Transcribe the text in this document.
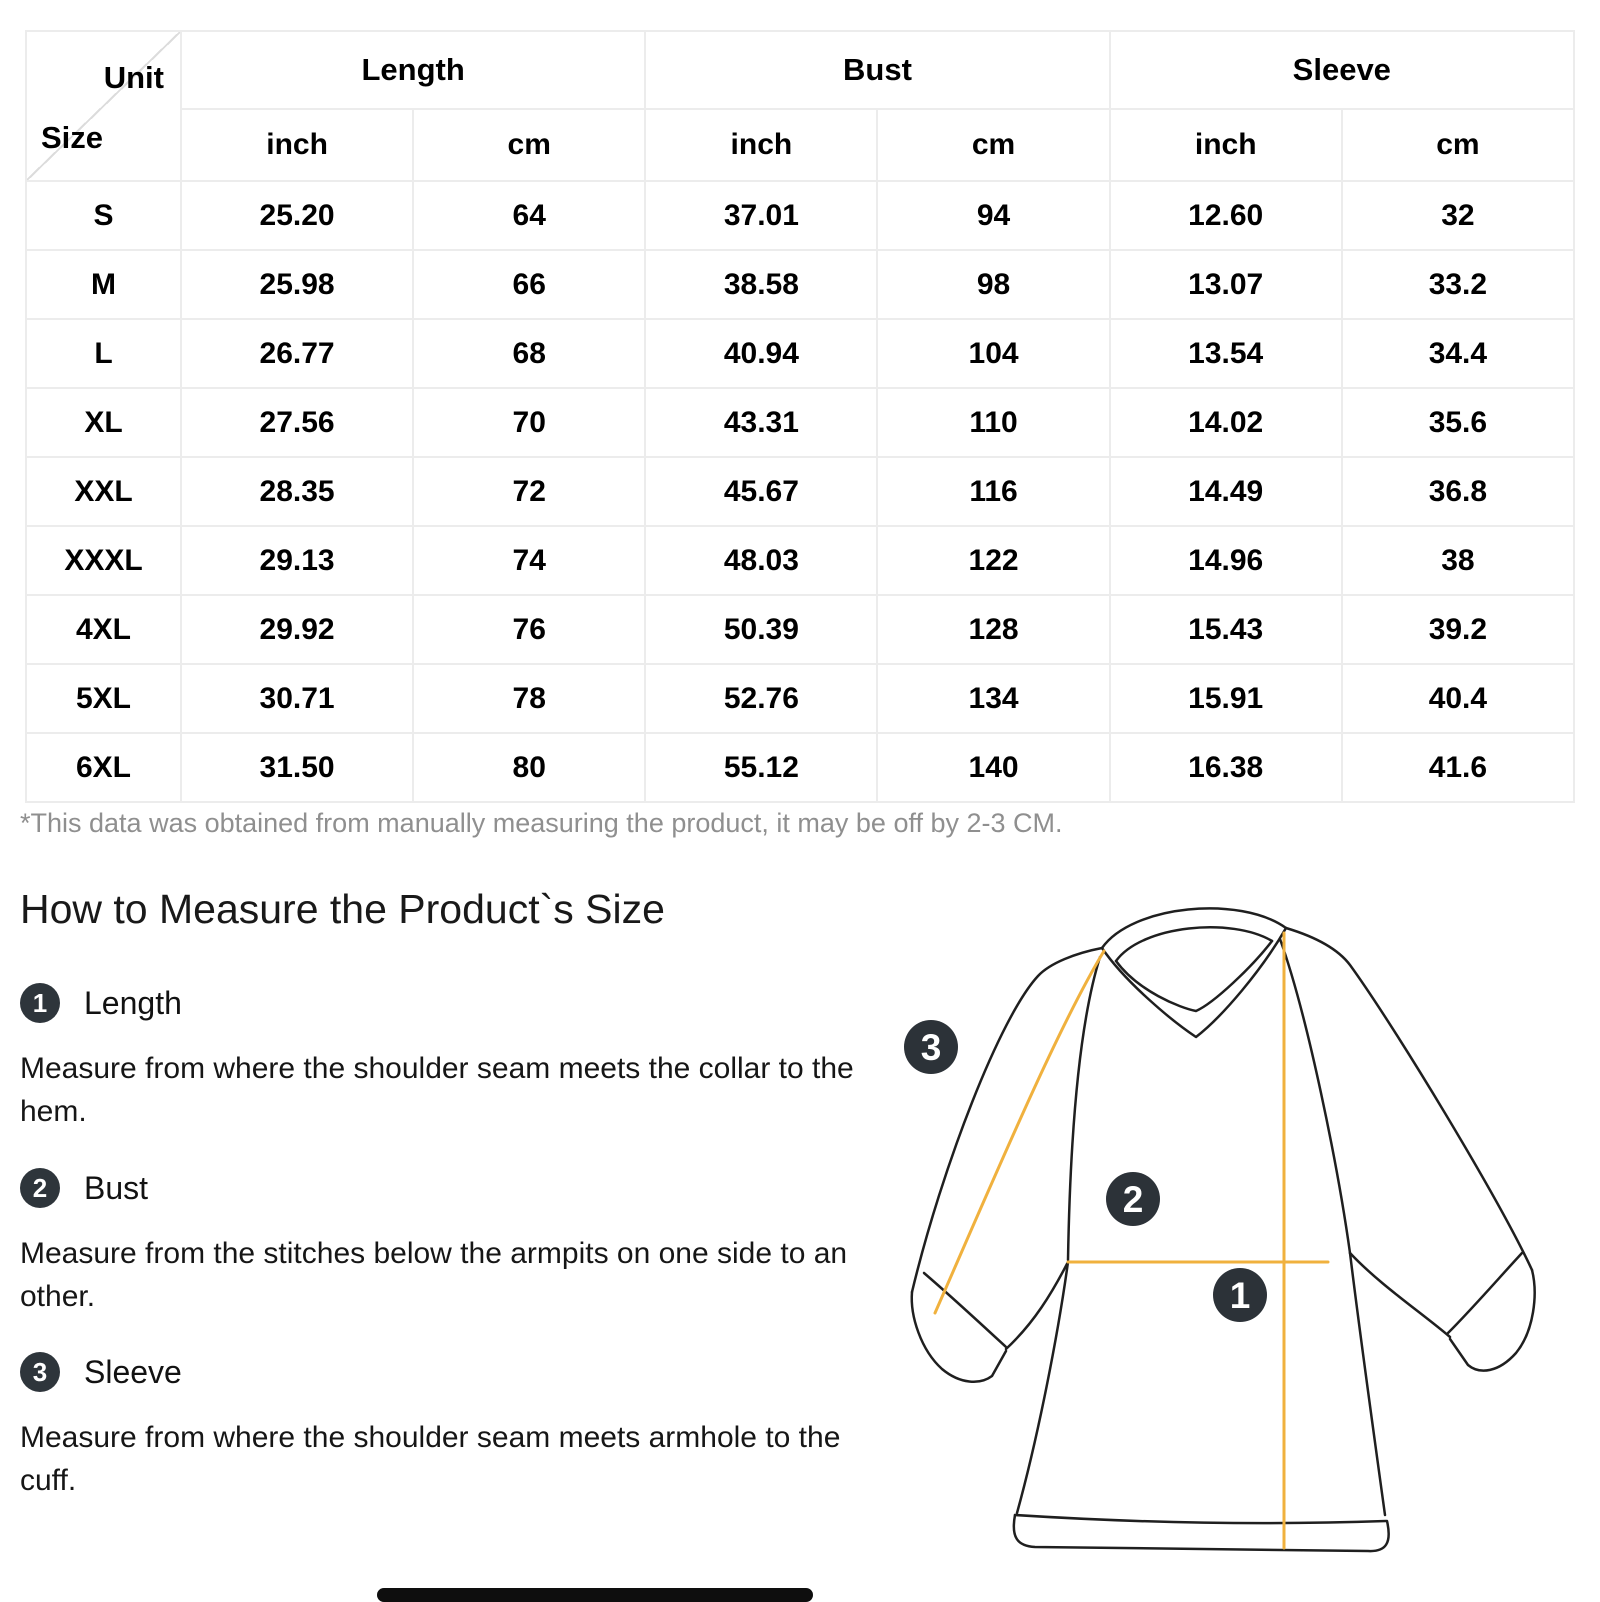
Unit
Size	Length		Bust		Sleeve	
	inch	cm	inch	cm	inch	cm
S	25.20	64	37.01	94	12.60	32
M	25.98	66	38.58	98	13.07	33.2
L	26.77	68	40.94	104	13.54	34.4
XL	27.56	70	43.31	110	14.02	35.6
XXL	28.35	72	45.67	116	14.49	36.8
XXXL	29.13	74	48.03	122	14.96	38
4XL	29.92	76	50.39	128	15.43	39.2
5XL	30.71	78	52.76	134	15.91	40.4
6XL	31.50	80	55.12	140	16.38	41.6
*This data was obtained from manually measuring the product, it may be off by 2-3 CM.
How to Measure the Product`s Size
1	Length
Measure from where the shoulder seam meets the collar to the hem.
2	Bust
Measure from the stitches below the armpits on one side to an other.
3	Sleeve
Measure from where the shoulder seam meets armhole to the cuff.
3
2
1
